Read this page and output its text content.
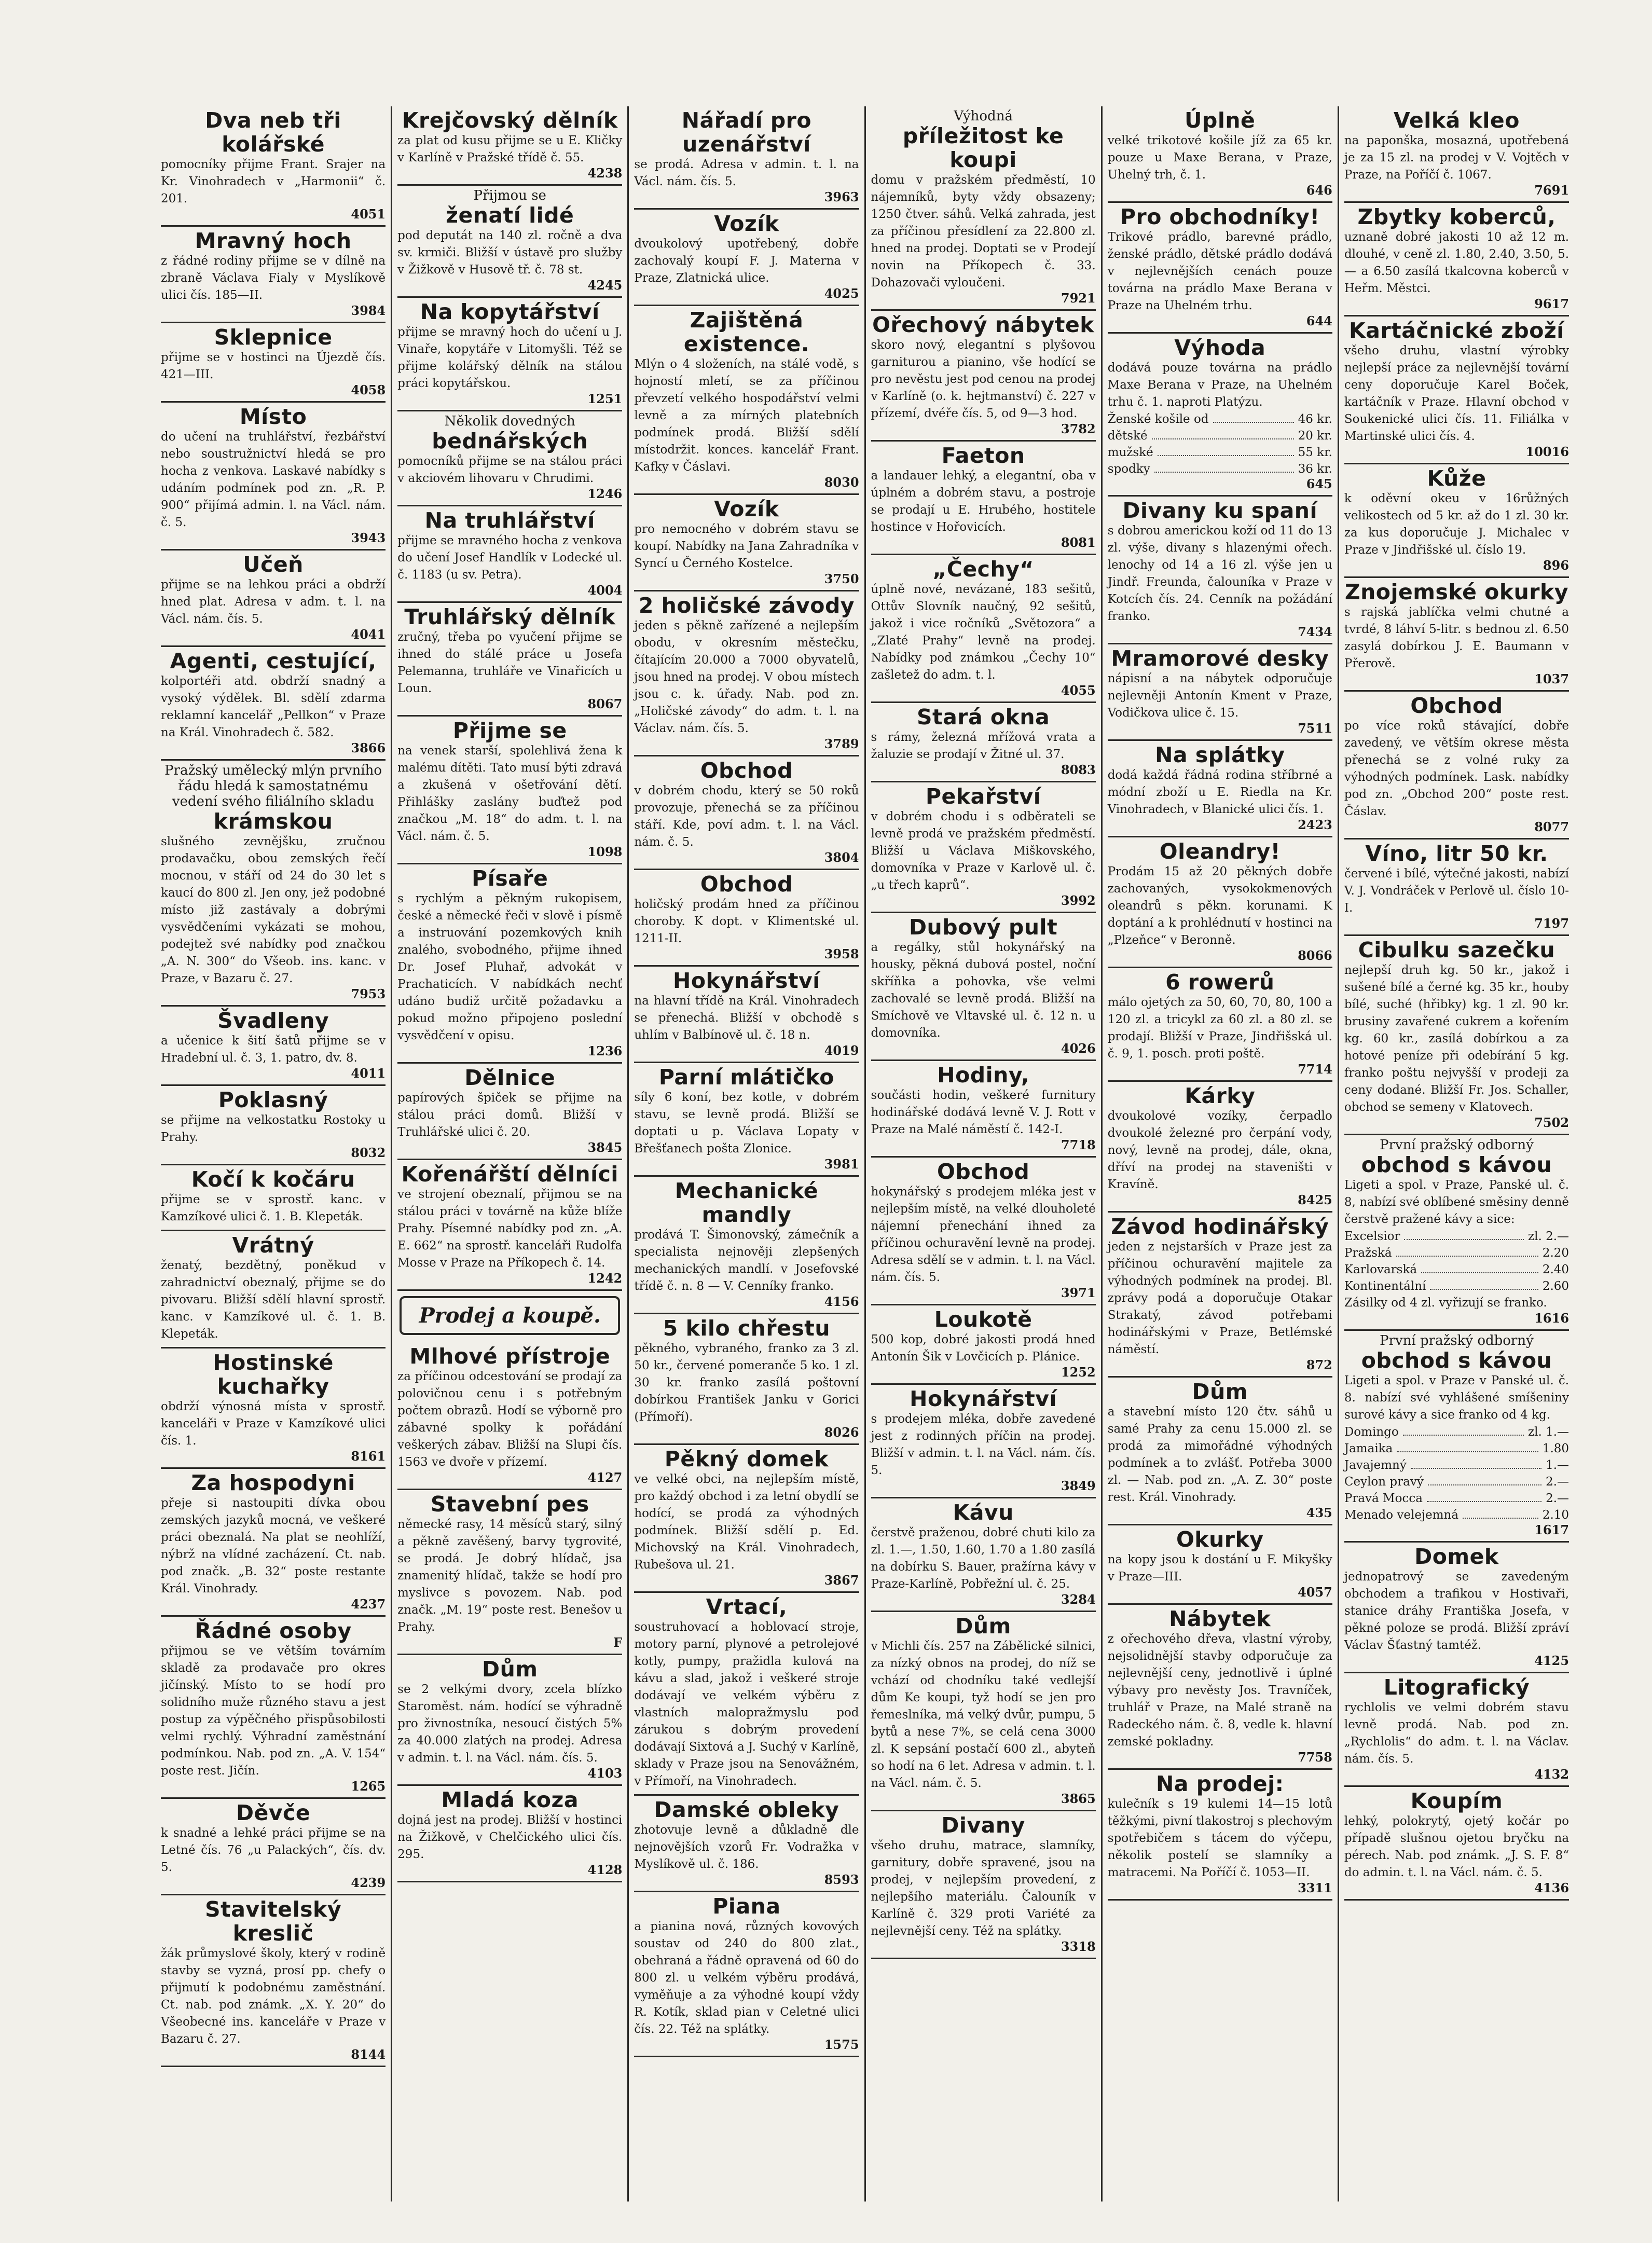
Dva neb tři kolářské
pomocníky přijme Frant. Srajer na Kr. Vinohradech v „Harmonii“ č. 201.
4051
Mravný hoch
z řádné rodiny přijme se v dílně na zbraně Václava Fialy v Myslíkově ulici čís. 185—II.
3984
Sklepnice
přijme se v hostinci na Újezdě čís. 421—III.
4058
Místo
do učení na truhlářství, řezbářství nebo soustružnictví hledá se pro hocha z venkova. Laskavé nabídky s udáním podmínek pod zn. „R. P. 900“ přijímá admin. l. na Václ. nám. č. 5.
3943
Učeň
přijme se na lehkou práci a obdrží hned plat. Adresa v adm. t. l. na Václ. nám. čís. 5.
4041
Agenti, cestující,
kolportéři atd. obdrží snadný a vysoký výdělek. Bl. sdělí zdarma reklamní kancelář „Pellkon“ v Praze na Král. Vinohradech č. 582.
3866
Pražský umělecký mlýn prvního řádu hledá k samostatnému vedení svého filiálního skladu
krámskou
slušného zevnějšku, zručnou prodavačku, obou zemských řečí mocnou, v stáří od 24 do 30 let s kaucí do 800 zl. Jen ony, jež podobné místo již zastávaly a dobrými vysvědčeními vykázati se mohou, podejtež své nabídky pod značkou „A. N. 300“ do Všeob. ins. kanc. v Praze, v Bazaru č. 27.
7953
Švadleny
a učenice k šití šatů přijme se v Hradební ul. č. 3, 1. patro, dv. 8.
4011
Poklasný
se přijme na velkostatku Rostoky u Prahy.
8032
Kočí k kočáru
přijme se v sprostř. kanc. v Kamzíkové ulici č. 1. B. Klepeták.
Vrátný
ženatý, bezdětný, poněkud v zahradnictví obeznalý, přijme se do pivovaru. Bližší sdělí hlavní sprostř. kanc. v Kamzíkové ul. č. 1. B. Klepeták.
Hostinské kuchařky
obdrží výnosná místa v sprostř. kanceláři v Praze v Kamzíkové ulici čís. 1.
8161
Za hospodyni
přeje si nastoupiti dívka obou zemských jazyků mocná, ve veškeré práci obeznalá. Na plat se neohlíží, nýbrž na vlídné zacházení. Ct. nab. pod značk. „B. 32“ poste restante Král. Vinohrady.
4237
Řádné osoby
přijmou se ve větším továrním skladě za prodavače pro okres jičínský. Místo to se hodí pro solidního muže různého stavu a jest postup za výpěčného přispůsobilosti velmi rychlý. Výhradní zaměstnání podmínkou. Nab. pod zn. „A. V. 154“ poste rest. Jičín.
1265
Děvče
k snadné a lehké práci přijme se na Letné čís. 76 „u Palackých“, čís. dv. 5.
4239
Stavitelský kreslič
žák průmyslové školy, který v rodině stavby se vyzná, prosí pp. chefy o přijmutí k podobnému zaměstnání. Ct. nab. pod známk. „X. Y. 20“ do Všeobecné ins. kanceláře v Praze v Bazaru č. 27.
8144
Krejčovský dělník
za plat od kusu přijme se u E. Kličky v Karlíně v Pražské třídě č. 55.
4238
Přijmou se
ženatí lidé
pod deputát na 140 zl. ročně a dva sv. krmiči. Bližší v ústavě pro služby v Žižkově v Husově tř. č. 78 st.
4245
Na kopytářství
přijme se mravný hoch do učení u J. Vinaře, kopytáře v Litomyšli. Též se přijme kolářský dělník na stálou práci kopytářskou.
1251
Několik dovedných
bednářských
pomocníků přijme se na stálou práci v akciovém lihovaru v Chrudimi.
1246
Na truhlářství
přijme se mravného hocha z venkova do učení Josef Handlík v Lodecké ul. č. 1183 (u sv. Petra).
4004
Truhlářský dělník
zručný, třeba po vyučení přijme se ihned do stálé práce u Josefa Pelemanna, truhláře ve Vinařicích u Loun.
8067
Přijme se
na venek starší, spolehlivá žena k malému dítěti. Tato musí býti zdravá a zkušená v ošetřování dětí. Přihlášky zaslány buďtež pod značkou „M. 18“ do adm. t. l. na Václ. nám. č. 5.
1098
Písaře
s rychlým a pěkným rukopisem, české a německé řeči v slově i písmě a instruování pozemkových knih znalého, svobodného, přijme ihned Dr. Josef Pluhař, advokát v Prachaticích. V nabídkách nechť udáno budiž určitě požadavku a pokud možno připojeno poslední vysvědčení v opisu.
1236
Dělnice
papírových špiček se přijme na stálou práci domů. Bližší v Truhlářské ulici č. 20.
3845
Kořenářští dělníci
ve strojení obeznalí, přijmou se na stálou práci v továrně na kůže blíže Prahy. Písemné nabídky pod zn. „A. E. 662“ na sprostř. kanceláři Rudolfa Mosse v Praze na Příkopech č. 14.
1242
Prodej a koupě.
Mlhové přístroje
za příčinou odcestování se prodají za polovičnou cenu i s potřebným počtem obrazů. Hodí se výborně pro zábavné spolky k pořádání veškerých zábav. Bližší na Slupi čís. 1563 ve dvoře v přízemí.
4127
Stavební pes
německé rasy, 14 měsíců starý, silný a pěkně zavěšený, barvy tygrovité, se prodá. Je dobrý hlídač, jsa znamenitý hlídač, takže se hodí pro myslivce s povozem. Nab. pod značk. „M. 19“ poste rest. Benešov u Prahy.
F
Dům
se 2 velkými dvory, zcela blízko Staroměst. nám. hodící se výhradně pro živnostníka, nesoucí čistých 5% za 40.000 zlatých na prodej. Adresa v admin. t. l. na Václ. nám. čís. 5.
4103
Mladá koza
dojná jest na prodej. Bližší v hostinci na Žižkově, v Chelčického ulici čís. 295.
4128
Nářadí pro uzenářství
se prodá. Adresa v admin. t. l. na Václ. nám. čís. 5.
3963
Vozík
dvoukolový upotřebený, dobře zachovalý koupí F. J. Materna v Praze, Zlatnická ulice.
4025
Zajištěná existence.
Mlýn o 4 složeních, na stálé vodě, s hojností mletí, se za příčinou převzetí velkého hospodářství velmi levně a za mírných platebních podmínek prodá. Bližší sdělí místodržit. konces. kancelář Frant. Kafky v Čáslavi.
8030
Vozík
pro nemocného v dobrém stavu se koupí. Nabídky na Jana Zahradníka v Syncí u Černého Kostelce.
3750
2 holičské závody
jeden s pěkně zařízené a nejlepším obodu, v okresním městečku, čítajícím 20.000 a 7000 obyvatelů, jsou hned na prodej. V obou místech jsou c. k. úřady. Nab. pod zn. „Holičské závody“ do adm. t. l. na Václav. nám. čís. 5.
3789
Obchod
v dobrém chodu, který se 50 roků provozuje, přenechá se za příčinou stáří. Kde, poví adm. t. l. na Václ. nám. č. 5.
3804
Obchod
holičský prodám hned za příčinou choroby. K dopt. v Klimentské ul. 1211-II.
3958
Hokynářství
na hlavní třídě na Král. Vinohradech se přenechá. Bližší v obchodě s uhlím v Balbínově ul. č. 18 n.
4019
Parní mlátičko
síly 6 koní, bez kotle, v dobrém stavu, se levně prodá. Bližší se doptati u p. Václava Lopaty v Břešťanech pošta Zlonice.
3981
Mechanické mandly
prodává T. Šimonovský, zámečník a specialista nejnověji zlepšených mechanických mandlí. v Josefovské třídě č. n. 8 — V. Cenníky franko.
4156
5 kilo chřestu
pěkného, vybraného, franko za 3 zl. 50 kr., červené pomeranče 5 ko. 1 zl. 30 kr. franko zasílá poštovní dobírkou František Janku v Gorici (Přímoří).
8026
Pěkný domek
ve velké obci, na nejlepším místě, pro každý obchod i za letní obydlí se hodící, se prodá za výhodných podmínek. Bližší sdělí p. Ed. Michovský na Král. Vinohradech, Rubešova ul. 21.
3867
Vrtací,
soustruhovací a hoblovací stroje, motory parní, plynové a petrolejové kotly, pumpy, pražidla kulová na kávu a slad, jakož i veškeré stroje dodávají ve velkém výběru z vlastních malopražmyslu pod zárukou s dobrým provedení dodávají Sixtová a J. Suchý v Karlíně, sklady v Praze jsou na Senovážném, v Přímoří, na Vinohradech.
Damské obleky
zhotovuje levně a důkladně dle nejnovějších vzorů Fr. Vodražka v Myslíkově ul. č. 186.
8593
Piana
a pianina nová, různých kovových soustav od 240 do 800 zlat., obehraná a řádně opravená od 60 do 800 zl. u velkém výběru prodává, vyměňuje a za výhodné koupí vždy R. Kotík, sklad pian v Celetné ulici čís. 22. Též na splátky.
1575
Výhodná
příležitost ke koupi
domu v pražském předměstí, 10 nájemníků, byty vždy obsazeny; 1250 čtver. sáhů. Velká zahrada, jest za příčinou přesídlení za 22.800 zl. hned na prodej. Doptati se v Prodejí novin na Příkopech č. 33. Dohazovači vyloučeni.
7921
Ořechový nábytek
skoro nový, elegantní s plyšovou garniturou a pianino, vše hodící se pro nevěstu jest pod cenou na prodej v Karlíně (o. k. hejtmanství) č. 227 v přízemí, dvéře čís. 5, od 9—3 hod.
3782
Faeton
a landauer lehký, a elegantní, oba v úplném a dobrém stavu, a postroje se prodají u E. Hrubého, hostitele hostince v Hořovicích.
8081
„Čechy“
úplně nové, nevázané, 183 sešitů, Ottův Slovník naučný, 92 sešitů, jakož i vice ročníků „Světozora“ a „Zlaté Prahy“ levně na prodej. Nabídky pod známkou „Čechy 10“ zašletež do adm. t. l.
4055
Stará okna
s rámy, železná mřížová vrata a žaluzie se prodají v Žitné ul. 37.
8083
Pekařství
v dobrém chodu i s odběrateli se levně prodá ve pražském předměstí. Bližší u Václava Miškovského, domovníka v Praze v Karlově ul. č. „u třech kaprů“.
3992
Dubový pult
a regálky, stůl hokynářský na housky, pěkná dubová postel, noční skříňka a pohovka, vše velmi zachovalé se levně prodá. Bližší na Smíchově ve Vltavské ul. č. 12 n. u domovníka.
4026
Hodiny,
součásti hodin, veškeré furnitury hodinářské dodává levně V. J. Rott v Praze na Malé náměstí č. 142-I.
7718
Obchod
hokynářský s prodejem mléka jest v nejlepším místě, na velké dlouholeté nájemní přenechání ihned za příčinou ochuravění levně na prodej. Adresa sdělí se v admin. t. l. na Václ. nám. čís. 5.
3971
Loukotě
500 kop, dobré jakosti prodá hned Antonín Šik v Lovčicích p. Plánice.
1252
Hokynářství
s prodejem mléka, dobře zavedené jest z rodinných příčin na prodej. Bližší v admin. t. l. na Václ. nám. čís. 5.
3849
Kávu
čerstvě praženou, dobré chuti kilo za zl. 1.—, 1.50, 1.60, 1.70 a 1.80 zasílá na dobírku S. Bauer, pražírna kávy v Praze-Karlíně, Pobřežní ul. č. 25.
3284
Dům
v Michli čís. 257 na Zábělické silnici, za nízký obnos na prodej, do níž se vchází od chodníku také vedlejší dům Ke koupi, tyž hodí se jen pro řemeslníka, má velký dvůr, pumpu, 5 bytů a nese 7%, se celá cena 3000 zl. K sepsání postačí 600 zl., abyteň so hodí na 6 let. Adresa v admin. t. l. na Václ. nám. č. 5.
3865
Divany
všeho druhu, matrace, slamníky, garnitury, dobře spravené, jsou na prodej, v nejlepším provedení, z nejlepšího materiálu. Čalouník v Karlíně č. 329 proti Variété za nejlevnější ceny. Též na splátky.
3318
Úplně
velké trikotové košile jíž za 65 kr. pouze u Maxe Berana, v Praze, Uhelný trh, č. 1.
646
Pro obchodníky!
Trikové prádlo, barevné prádlo, ženské prádlo, dětské prádlo dodává v nejlevnějších cenách pouze továrna na prádlo Maxe Berana v Praze na Uhelném trhu.
644
Výhoda
dodává pouze továrna na prádlo Maxe Berana v Praze, na Uhelném trhu č. 1. naproti Platýzu.
Ženské košile od	46 kr.
dětské	20 kr.
mužské	55 kr.
spodky	36 kr.
645
Divany ku spaní
s dobrou americkou koží od 11 do 13 zl. výše, divany s hlazenými ořech. lenochy od 14 a 16 zl. výše jen u Jindř. Freunda, čalouníka v Praze v Kotcích čís. 24. Cenník na požádání franko.
7434
Mramorové desky
nápisní a na nábytek odporučuje nejlevněji Antonín Kment v Praze, Vodičkova ulice č. 15.
7511
Na splátky
dodá každá řádná rodina stříbrné a módní zboží u E. Riedla na Kr. Vinohradech, v Blanické ulici čís. 1.
2423
Oleandry!
Prodám 15 až 20 pěkných dobře zachovaných, vysokokmenových oleandrů s pěkn. korunami. K doptání a k prohlédnutí v hostinci na „Plzeňce“ v Beronně.
8066
6 rowerů
málo ojetých za 50, 60, 70, 80, 100 a 120 zl. a tricykl za 60 zl. a 80 zl. se prodají. Bližší v Praze, Jindřišská ul. č. 9, 1. posch. proti poště.
7714
Kárky
dvoukolové vozíky, čerpadlo dvoukolé železné pro čerpání vody, nový, levně na prodej, dále, okna, dříví na prodej na staveništi v Kravíně.
8425
Závod hodinářský
jeden z nejstarších v Praze jest za příčinou ochuravění majitele za výhodných podmínek na prodej. Bl. zprávy podá a doporučuje Otakar Strakatý, závod potřebami hodinářskými v Praze, Betlémské náměstí.
872
Dům
a stavební místo 120 čtv. sáhů u samé Prahy za cenu 15.000 zl. se prodá za mimořádné výhodných podmínek a to zvlášť. Potřeba 3000 zl. — Nab. pod zn. „A. Z. 30“ poste rest. Král. Vinohrady.
435
Okurky
na kopy jsou k dostání u F. Mikyšky v Praze—III.
4057
Nábytek
z ořechového dřeva, vlastní výroby, nejsolidnější stavby odporučuje za nejlevnější ceny, jednotlivě i úplné výbavy pro nevěsty Jos. Travníček, truhlář v Praze, na Malé straně na Radeckého nám. č. 8, vedle k. hlavní zemské pokladny.
7758
Na prodej:
kulečník s 19 kulemi 14—15 lotů těžkými, pivní tlakostroj s plechovým spotřebičem s tácem do výčepu, několik postelí se slamníky a matracemi. Na Poříčí č. 1053—II.
3311
Velká kleo
na paponška, mosazná, upotřebená je za 15 zl. na prodej v V. Vojtěch v Praze, na Poříčí č. 1067.
7691
Zbytky koberců,
uznaně dobré jakosti 10 až 12 m. dlouhé, v ceně zl. 1.80, 2.40, 3.50, 5.— a 6.50 zasílá tkalcovna koberců v Heřm. Městci.
9617
Kartáčnické zboží
všeho druhu, vlastní výrobky nejlepší práce za nejlevnější tovární ceny doporučuje Karel Boček, kartáčník v Praze. Hlavní obchod v Soukenické ulici čís. 11. Filiálka v Martinské ulici čís. 4.
10016
Kůže
k oděvní okeu v 16růžných velikostech od 5 kr. až do 1 zl. 30 kr. za kus doporučuje J. Michalec v Praze v Jindřišské ul. číslo 19.
896
Znojemské okurky
s rajská jablíčka velmi chutné a tvrdé, 8 láhví 5-litr. s bednou zl. 6.50 zasylá dobírkou J. E. Baumann v Přerově.
1037
Obchod
po více roků stávající, dobře zavedený, ve větším okrese města přenechá se z volné ruky za výhodných podmínek. Lask. nabídky pod zn. „Obchod 200“ poste rest. Čáslav.
8077
Víno, litr 50 kr.
červené i bílé, výtečné jakosti, nabízí V. J. Vondráček v Perlově ul. číslo 10-I.
7197
Cibulku sazečku
nejlepší druh kg. 50 kr., jakož i sušené bílé a černé kg. 35 kr., houby bílé, suché (hřibky) kg. 1 zl. 90 kr. brusiny zavařené cukrem a kořením kg. 60 kr., zasílá dobírkou a za hotové peníze při odebírání 5 kg. franko poštu nejvyšší v prodeji za ceny dodané. Bližší Fr. Jos. Schaller, obchod se semeny v Klatovech.
7502
První pražský odborný
obchod s kávou
Ligeti a spol. v Praze, Panské ul. č. 8, nabízí své oblíbené směsiny denně čerstvě pražené kávy a sice:
Excelsior	zl. 2.—
Pražská	2.20
Karlovarská	2.40
Kontinentální	2.60
Zásilky od 4 zl. vyřizují se franko.
1616
První pražský odborný
obchod s kávou
Ligeti a spol. v Praze v Panské ul. č. 8. nabízí své vyhlášené smíšeniny surové kávy a sice franko od 4 kg.
Domingo	zl. 1.—
Jamaika	1.80
Javajemný	1.—
Ceylon pravý	2.—
Pravá Mocca	2.—
Menado velejemná	2.10
1617
Domek
jednopatrový se zavedeným obchodem a trafikou v Hostivaři, stanice dráhy Františka Josefa, v pěkné poloze se prodá. Bližší zpráví Václav Šťastný tamtéž.
4125
Litografický
rychlolis ve velmi dobrém stavu levně prodá. Nab. pod zn. „Rychlolis“ do adm. t. l. na Václav. nám. čís. 5.
4132
Koupím
lehký, polokrytý, ojetý kočár po případě slušnou ojetou bryčku na pérech. Nab. pod známk. „J. S. F. 8“ do admin. t. l. na Václ. nám. č. 5.
4136
